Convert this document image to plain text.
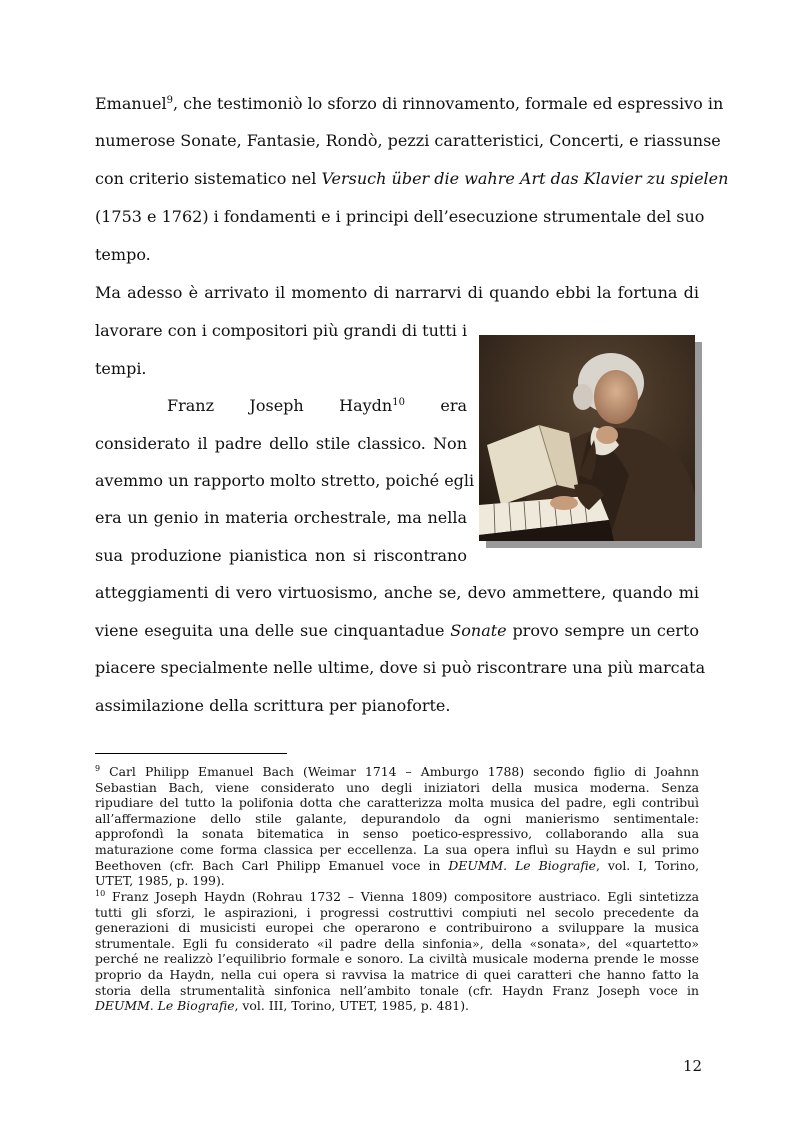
Emanuel$^9$, che testimoniò lo sforzo di rinnovamento, formale ed espressivo in
numerose Sonate, Fantasie, Rondò, pezzi caratteristici, Concerti, e riassunse
con criterio sistematico nel Versuch über die wahre Art das Klavier zu spielen
(1753 e 1762) i fondamenti e i principi dell’esecuzione strumentale del suo
tempo.
Ma adesso è arrivato il momento di narrarvi di quando ebbi la fortuna di
lavorare con i compositori più grandi di tutti i
tempi.
Franz Joseph Haydn$^{10}$ era
considerato il padre dello stile classico. Non
avemmo un rapporto molto stretto, poiché egli
era un genio in materia orchestrale, ma nella
sua produzione pianistica non si riscontrano
atteggiamenti di vero virtuosismo, anche se, devo ammettere, quando mi
viene eseguita una delle sue cinquantadue Sonate provo sempre un certo
piacere specialmente nelle ultime, dove si può riscontrare una più marcata
assimilazione della scrittura per pianoforte.
$^9$ Carl Philipp Emanuel Bach (Weimar 1714 – Amburgo 1788) secondo figlio di Joahnn
Sebastian Bach, viene considerato uno degli iniziatori della musica moderna. Senza
ripudiare del tutto la polifonia dotta che caratterizza molta musica del padre, egli contribuì
all’affermazione dello stile galante, depurandolo da ogni manierismo sentimentale:
approfondì la sonata bitematica in senso poetico-espressivo, collaborando alla sua
maturazione come forma classica per eccellenza. La sua opera influì su Haydn e sul primo
Beethoven (cfr. Bach Carl Philipp Emanuel voce in DEUMM. Le Biografie, vol. I, Torino,
UTET, 1985, p. 199).
$^{10}$ Franz Joseph Haydn (Rohrau 1732 – Vienna 1809) compositore austriaco. Egli sintetizza
tutti gli sforzi, le aspirazioni, i progressi costruttivi compiuti nel secolo precedente da
generazioni di musicisti europei che operarono e contribuirono a sviluppare la musica
strumentale. Egli fu considerato «il padre della sinfonia», della «sonata», del «quartetto»
perché ne realizzò l’equilibrio formale e sonoro. La civiltà musicale moderna prende le mosse
proprio da Haydn, nella cui opera si ravvisa la matrice di quei caratteri che hanno fatto la
storia della strumentalità sinfonica nell’ambito tonale (cfr. Haydn Franz Joseph voce in
DEUMM. Le Biografie, vol. III, Torino, UTET, 1985, p. 481).
12
